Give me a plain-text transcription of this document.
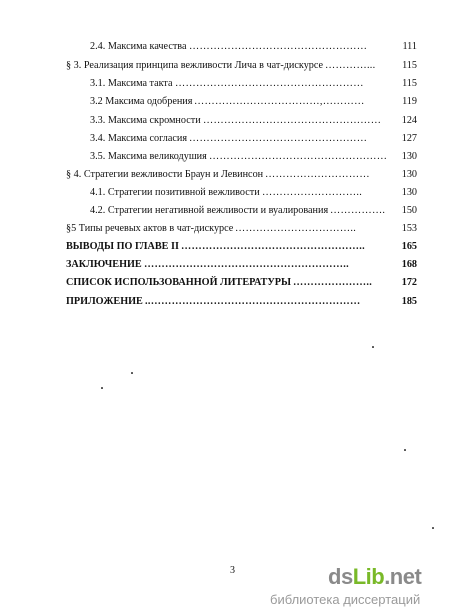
2.4. Максима качества ……………………………………………	111
§ 3. Реализация принципа вежливости Лича в чат-дискурсе …………...	115
3.1. Максима такта ………………………………………………	115
3.2 Максима одобрения ………………………………,…………	119
3.3. Максима скромности ……………………………………………	124
3.4. Максима согласия ……………………………………………	127
3.5. Максима великодушия ……………………………………………	130
§ 4. Стратегии вежливости Браун и Левинсон …………………………	130
4.1. Стратегии позитивной вежливости ………………………..	130
4.2. Стратегии негативной вежливости и вуалирования …………….	150
§5 Типы речевых актов в чат-дискурсе ……………………………..	153
ВЫВОДЫ ПО ГЛАВЕ II ……………………………………………..	165
ЗАКЛЮЧЕНИЕ …………………………………………………..	168
СПИСОК ИСПОЛЬЗОВАННОЙ ЛИТЕРАТУРЫ …………………..	172
ПРИЛОЖЕНИЕ ..……………………………………………………	185
3	dsLib.net
библиотека диссертаций
